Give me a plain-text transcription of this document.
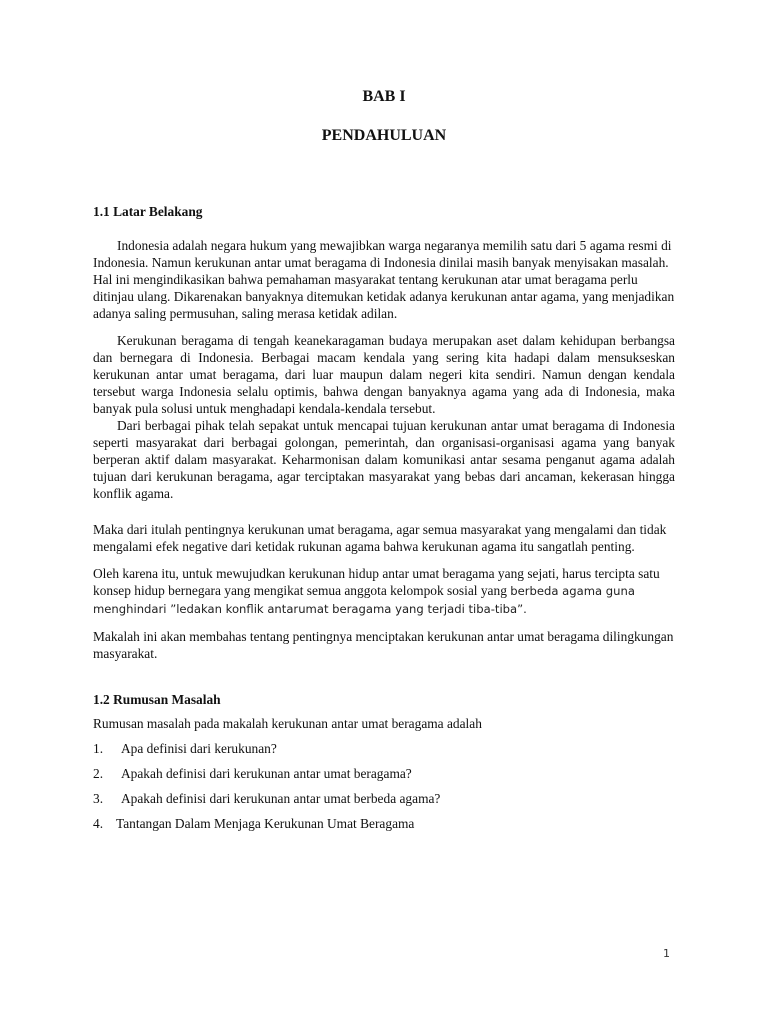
BAB I
PENDAHULUAN

1.1 Latar Belakang

Indonesia adalah negara hukum yang mewajibkan warga negaranya memilih satu dari 5 agama resmi di Indonesia. Namun kerukunan antar umat beragama di Indonesia dinilai masih banyak menyisakan masalah. Hal ini mengindikasikan bahwa pemahaman masyarakat tentang kerukunan atar umat beragama perlu ditinjau ulang. Dikarenakan banyaknya ditemukan ketidak adanya kerukunan antar agama, yang menjadikan adanya saling permusuhan, saling merasa ketidak adilan.

Kerukunan beragama di tengah keanekaragaman budaya merupakan aset dalam kehidupan berbangsa dan bernegara di Indonesia. Berbagai macam kendala yang sering kita hadapi dalam mensukseskan kerukunan antar umat beragama, dari luar maupun dalam negeri kita sendiri. Namun dengan kendala tersebut warga Indonesia selalu optimis, bahwa dengan banyaknya agama yang ada di Indonesia, maka banyak pula solusi untuk menghadapi kendala-kendala tersebut.

Dari berbagai pihak telah sepakat untuk mencapai tujuan kerukunan antar umat beragama di Indonesia seperti masyarakat dari berbagai golongan, pemerintah, dan organisasi-organisasi agama yang banyak berperan aktif dalam masyarakat. Keharmonisan dalam komunikasi antar sesama penganut agama adalah tujuan dari kerukunan beragama, agar terciptakan masyarakat yang bebas dari ancaman, kekerasan hingga konflik agama.

Maka dari itulah pentingnya kerukunan umat beragama, agar semua masyarakat yang mengalami dan tidak mengalami efek negative dari ketidak rukunan agama bahwa kerukunan agama itu sangatlah penting.

Oleh karena itu, untuk mewujudkan kerukunan hidup antar umat beragama yang sejati, harus tercipta satu konsep hidup bernegara yang mengikat semua anggota kelompok sosial yang berbeda agama guna menghindari ”ledakan konflik antarumat beragama yang terjadi tiba-tiba”.

Makalah ini akan membahas tentang pentingnya menciptakan kerukunan antar umat beragama dilingkungan masyarakat.

1.2 Rumusan Masalah

Rumusan masalah pada makalah kerukunan antar umat beragama adalah

1. Apa definisi dari kerukunan?

2. Apakah definisi dari kerukunan antar umat beragama?

3. Apakah definisi dari kerukunan antar umat berbeda agama?

4. Tantangan Dalam Menjaga Kerukunan Umat Beragama

1
